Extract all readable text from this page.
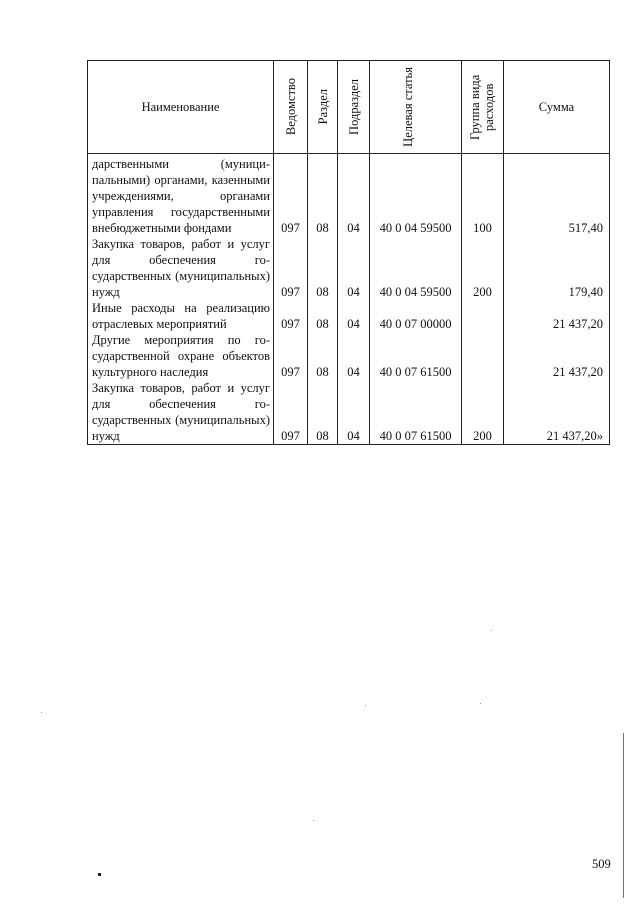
Наименование	Ведомство	Раздел	Подраздел	Целевая статья	Группа вида расходов	Сумма
дарственными (муниципальными) органами, казенными учреждениями, органами управления государственными внебюджетными фондами	097	08	04	40 0 04 59500	100	517,40
Закупка товаров, работ и услуг для обеспечения государственных (муниципальных) нужд	097	08	04	40 0 04 59500	200	179,40
Иные расходы на реализацию отраслевых мероприятий	097	08	04	40 0 07 00000		21 437,20
Другие мероприятия по государственной охране объектов культурного наследия	097	08	04	40 0 07 61500		21 437,20
Закупка товаров, работ и услуг для обеспечения государственных (муниципальных) нужд	097	08	04	40 0 07 61500	200	21 437,20»
509
